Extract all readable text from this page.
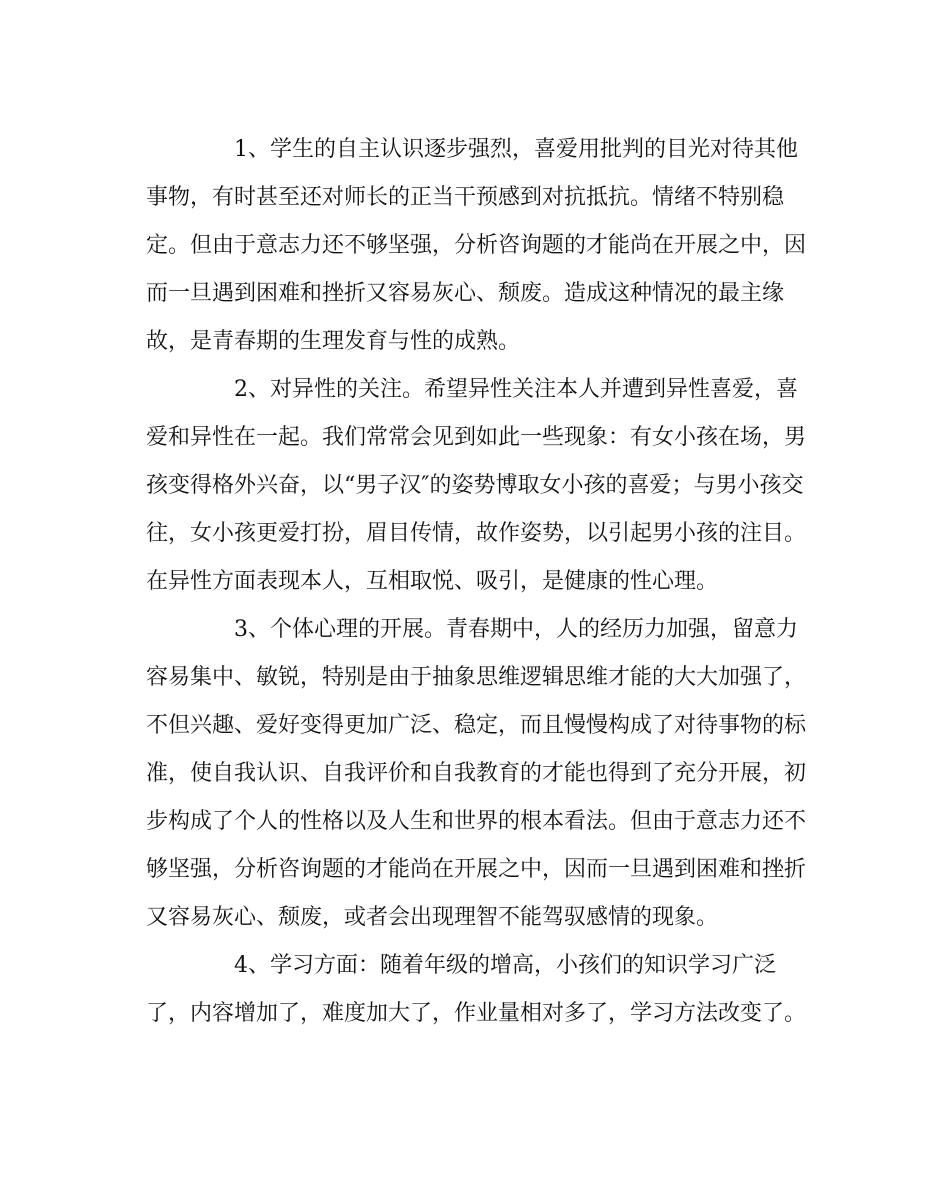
1、学生的自主认识逐步强烈，喜爱用批判的目光对待其他
事物，有时甚至还对师长的正当干预感到对抗抵抗。情绪不特别稳
定。但由于意志力还不够坚强，分析咨询题的才能尚在开展之中，因
而一旦遇到困难和挫折又容易灰心、颓废。造成这种情况的最主缘
故，是青春期的生理发育与性的成熟。
2、对异性的关注。希望异性关注本人并遭到异性喜爱，喜
爱和异性在一起。我们常常会见到如此一些现象：有女小孩在场，男
孩变得格外兴奋，以“男子汉″的姿势博取女小孩的喜爱；与男小孩交
往，女小孩更爱打扮，眉目传情，故作姿势，以引起男小孩的注目。
在异性方面表现本人，互相取悦、吸引，是健康的性心理。
3、个体心理的开展。青春期中，人的经历力加强，留意力
容易集中、敏锐，特别是由于抽象思维逻辑思维才能的大大加强了，
不但兴趣、爱好变得更加广泛、稳定，而且慢慢构成了对待事物的标
准，使自我认识、自我评价和自我教育的才能也得到了充分开展，初
步构成了个人的性格以及人生和世界的根本看法。但由于意志力还不
够坚强，分析咨询题的才能尚在开展之中，因而一旦遇到困难和挫折
又容易灰心、颓废，或者会出现理智不能驾驭感情的现象。
4、学习方面：随着年级的增高，小孩们的知识学习广泛
了，内容增加了，难度加大了，作业量相对多了，学习方法改变了。
